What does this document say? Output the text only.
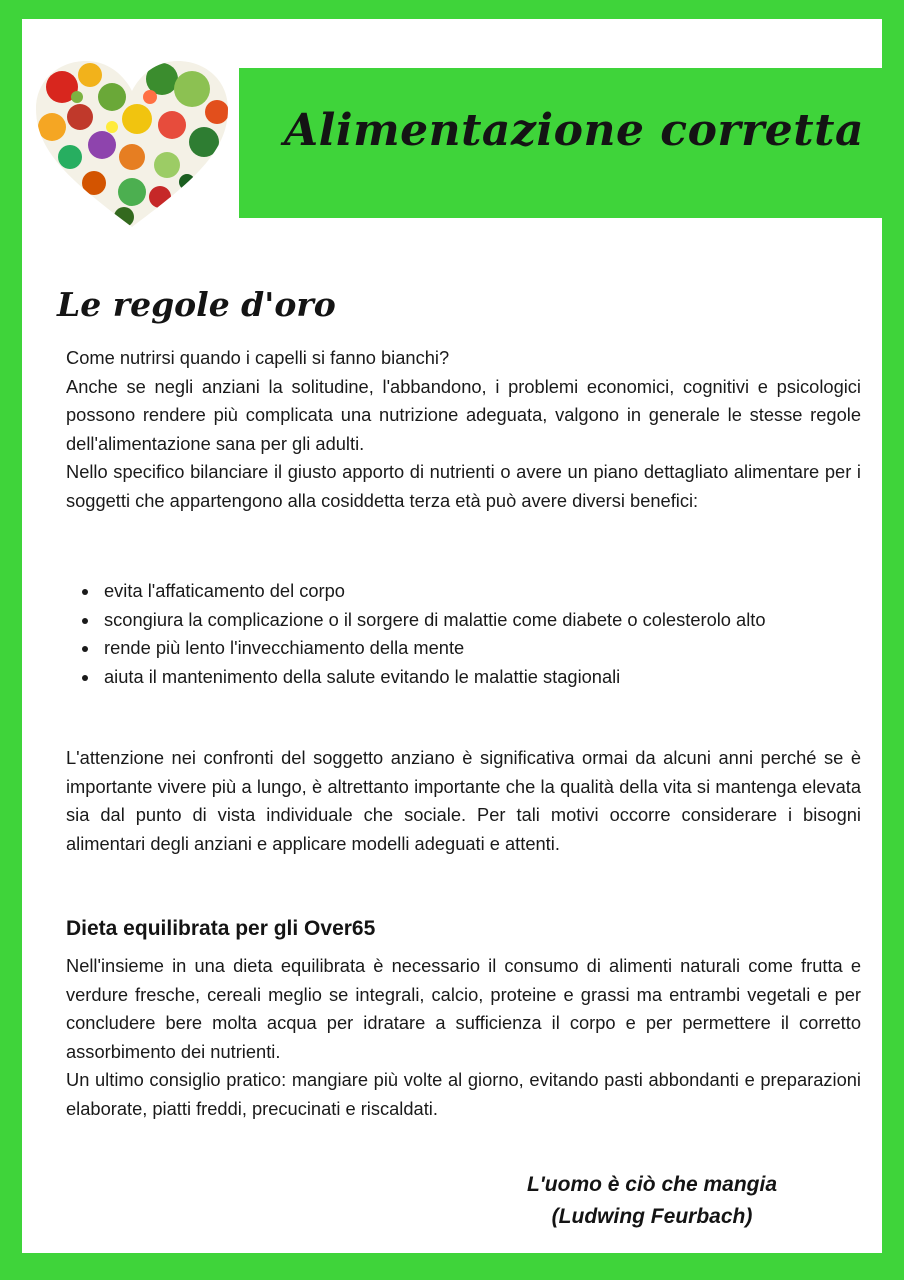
Alimentazione corretta
Le regole d'oro

Come nutrirsi quando i capelli si fanno bianchi?

Anche se negli anziani la solitudine, l'abbandono, i problemi economici, cognitivi e psicologici possono rendere più complicata una nutrizione adeguata, valgono in generale le stesse regole dell'alimentazione sana per gli adulti.

Nello specifico bilanciare il giusto apporto di nutrienti o avere un piano dettagliato alimentare per i soggetti che appartengono alla cosiddetta terza età può avere diversi benefici:

• evita l'affaticamento del corpo
• scongiura la complicazione o il sorgere di malattie come diabete o colesterolo alto
• rende più lento l'invecchiamento della mente
• aiuta il mantenimento della salute evitando le malattie stagionali

L'attenzione nei confronti del soggetto anziano è significativa ormai da alcuni anni perché se è importante vivere più a lungo, è altrettanto importante che la qualità della vita si mantenga elevata sia dal punto di vista individuale che sociale. Per tali motivi occorre considerare i bisogni alimentari degli anziani e applicare modelli adeguati e attenti.

Dieta equilibrata per gli Over65

Nell'insieme in una dieta equilibrata è necessario il consumo di alimenti naturali come frutta e verdure fresche, cereali meglio se integrali, calcio, proteine e grassi ma entrambi vegetali e per concludere bere molta acqua per idratare a sufficienza il corpo e per permettere il corretto assorbimento dei nutrienti.

Un ultimo consiglio pratico: mangiare più volte al giorno, evitando pasti abbondanti e preparazioni elaborate, piatti freddi, precucinati e riscaldati.

L'uomo è ciò che mangia
(Ludwing Feurbach)
